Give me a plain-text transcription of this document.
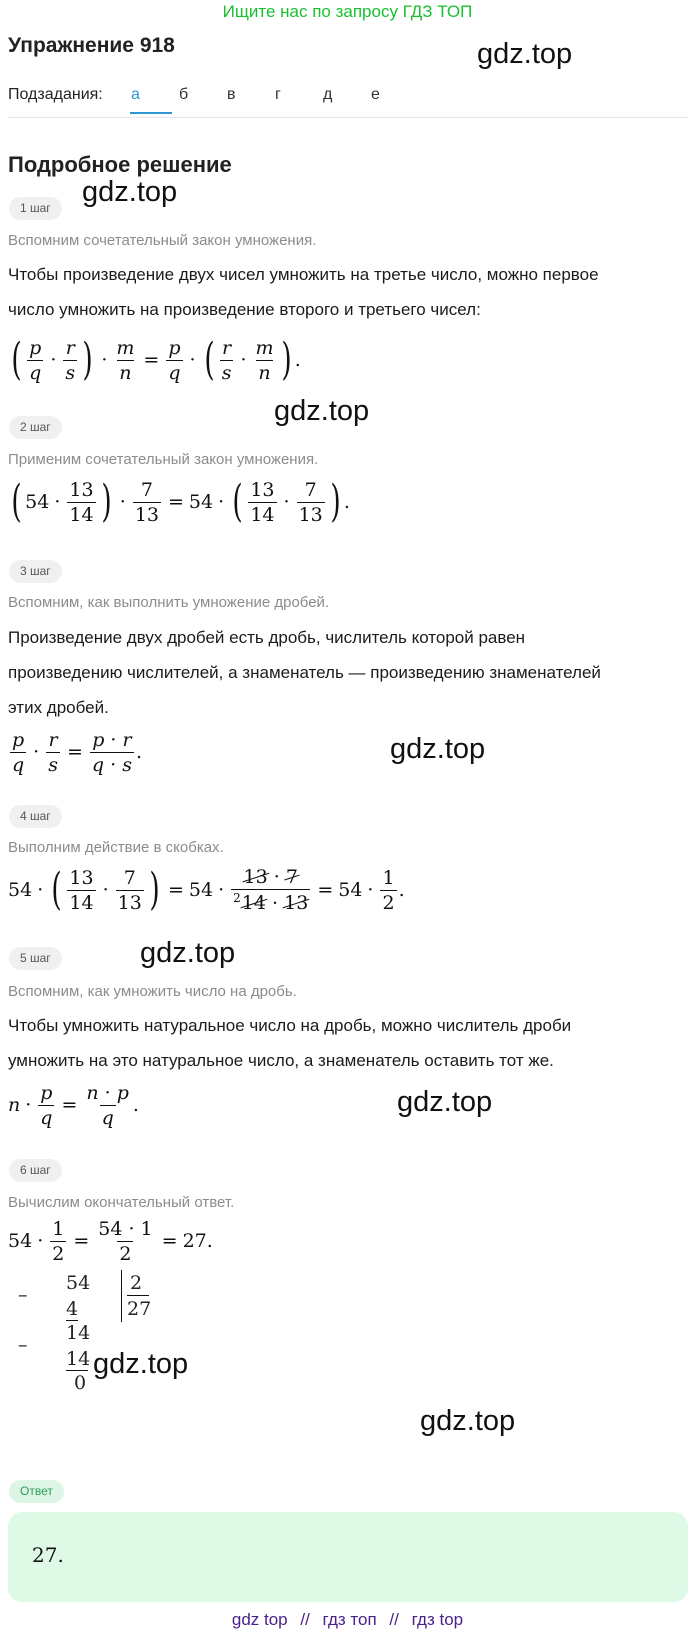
Ищите нас по запросу ГДЗ ТОП
Упражнение 918	gdz.top
Подзадания: а	б	в	г	д	е
Подробное решение
gdz.top
1 шаг
Вспомним сочетательный закон умножения.
Чтобы произведение двух чисел умножить на третье число, можно первое
число умножить на произведение второго и третьего чисел:
( $\frac{p}{q} \cdot \frac{r}{s}$ ) · $\frac{m}{n} = \frac{p}{q}$ · ( $\frac{r}{s} \cdot \frac{m}{n}$ ) .
gdz.top
2 шаг
Применим сочетательный закон умножения.
( $54 \cdot \frac{13}{14}$ ) · $\frac{7}{13} = 54$ · ( $\frac{13}{14} \cdot \frac{7}{13}$ ) .
3 шаг
Вспомним, как выполнить умножение дробей.
Произведение двух дробей есть дробь, числитель которой равен
произведению числителей, а знаменатель — произведению знаменателей
этих дробей.
$\frac{p}{q} \cdot \frac{r}{s} = \frac{p \cdot r}{q \cdot s}$ .	gdz.top
4 шаг
Выполним действие в скобках.
54 · ( $\frac{13}{14} \cdot \frac{7}{13}$ ) = $54 \cdot \frac{13 \cdot 7}{^214 \cdot 13} = 54 \cdot \frac{1}{2}$ .
gdz.top
5 шаг
Вспомним, как умножить число на дробь.
Чтобы умножить натуральное число на дробь, можно числитель дроби
умножить на это натуральное число, а знаменатель оставить тот же.
$n \cdot \frac{p}{q} = \frac{n \cdot p}{q}$ .	gdz.top
6 шаг
Вычислим окончательный ответ.
$54 \cdot \frac{1}{2} = \frac{54 \cdot 1}{2} = 27$.
–
54 2
27
4
14
–
14
0
gdz.top
gdz.top
Ответ
27.
gdz top // гдз топ // гдз top
